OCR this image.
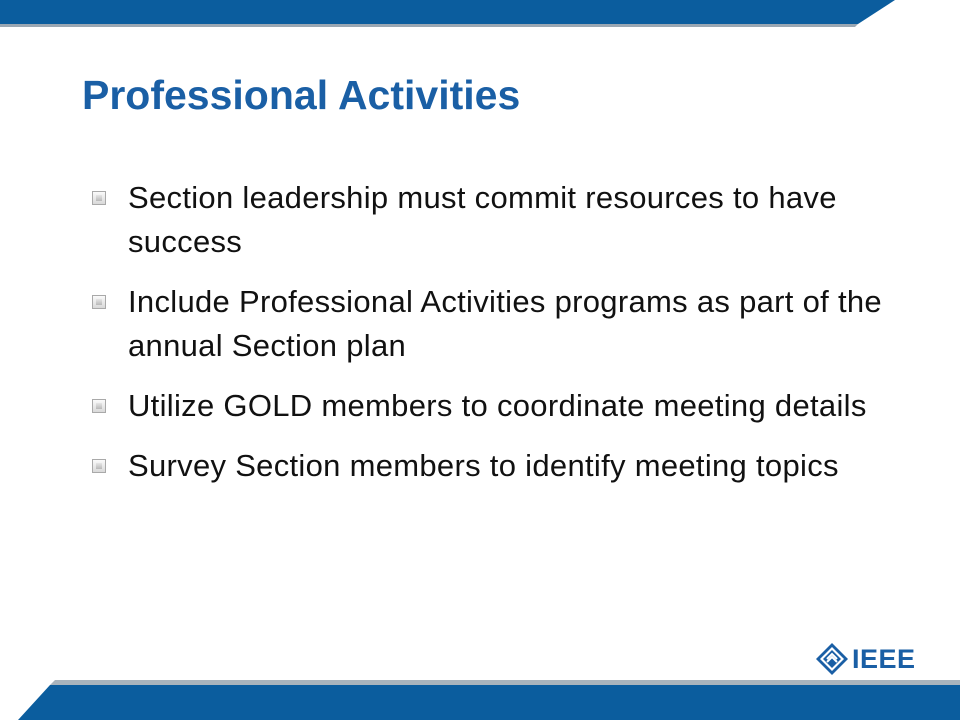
Professional Activities
Section leadership must commit resources to have success
Include Professional Activities programs as part of the annual Section plan
Utilize GOLD members to coordinate meeting details
Survey Section members to identify meeting topics
IEEE
